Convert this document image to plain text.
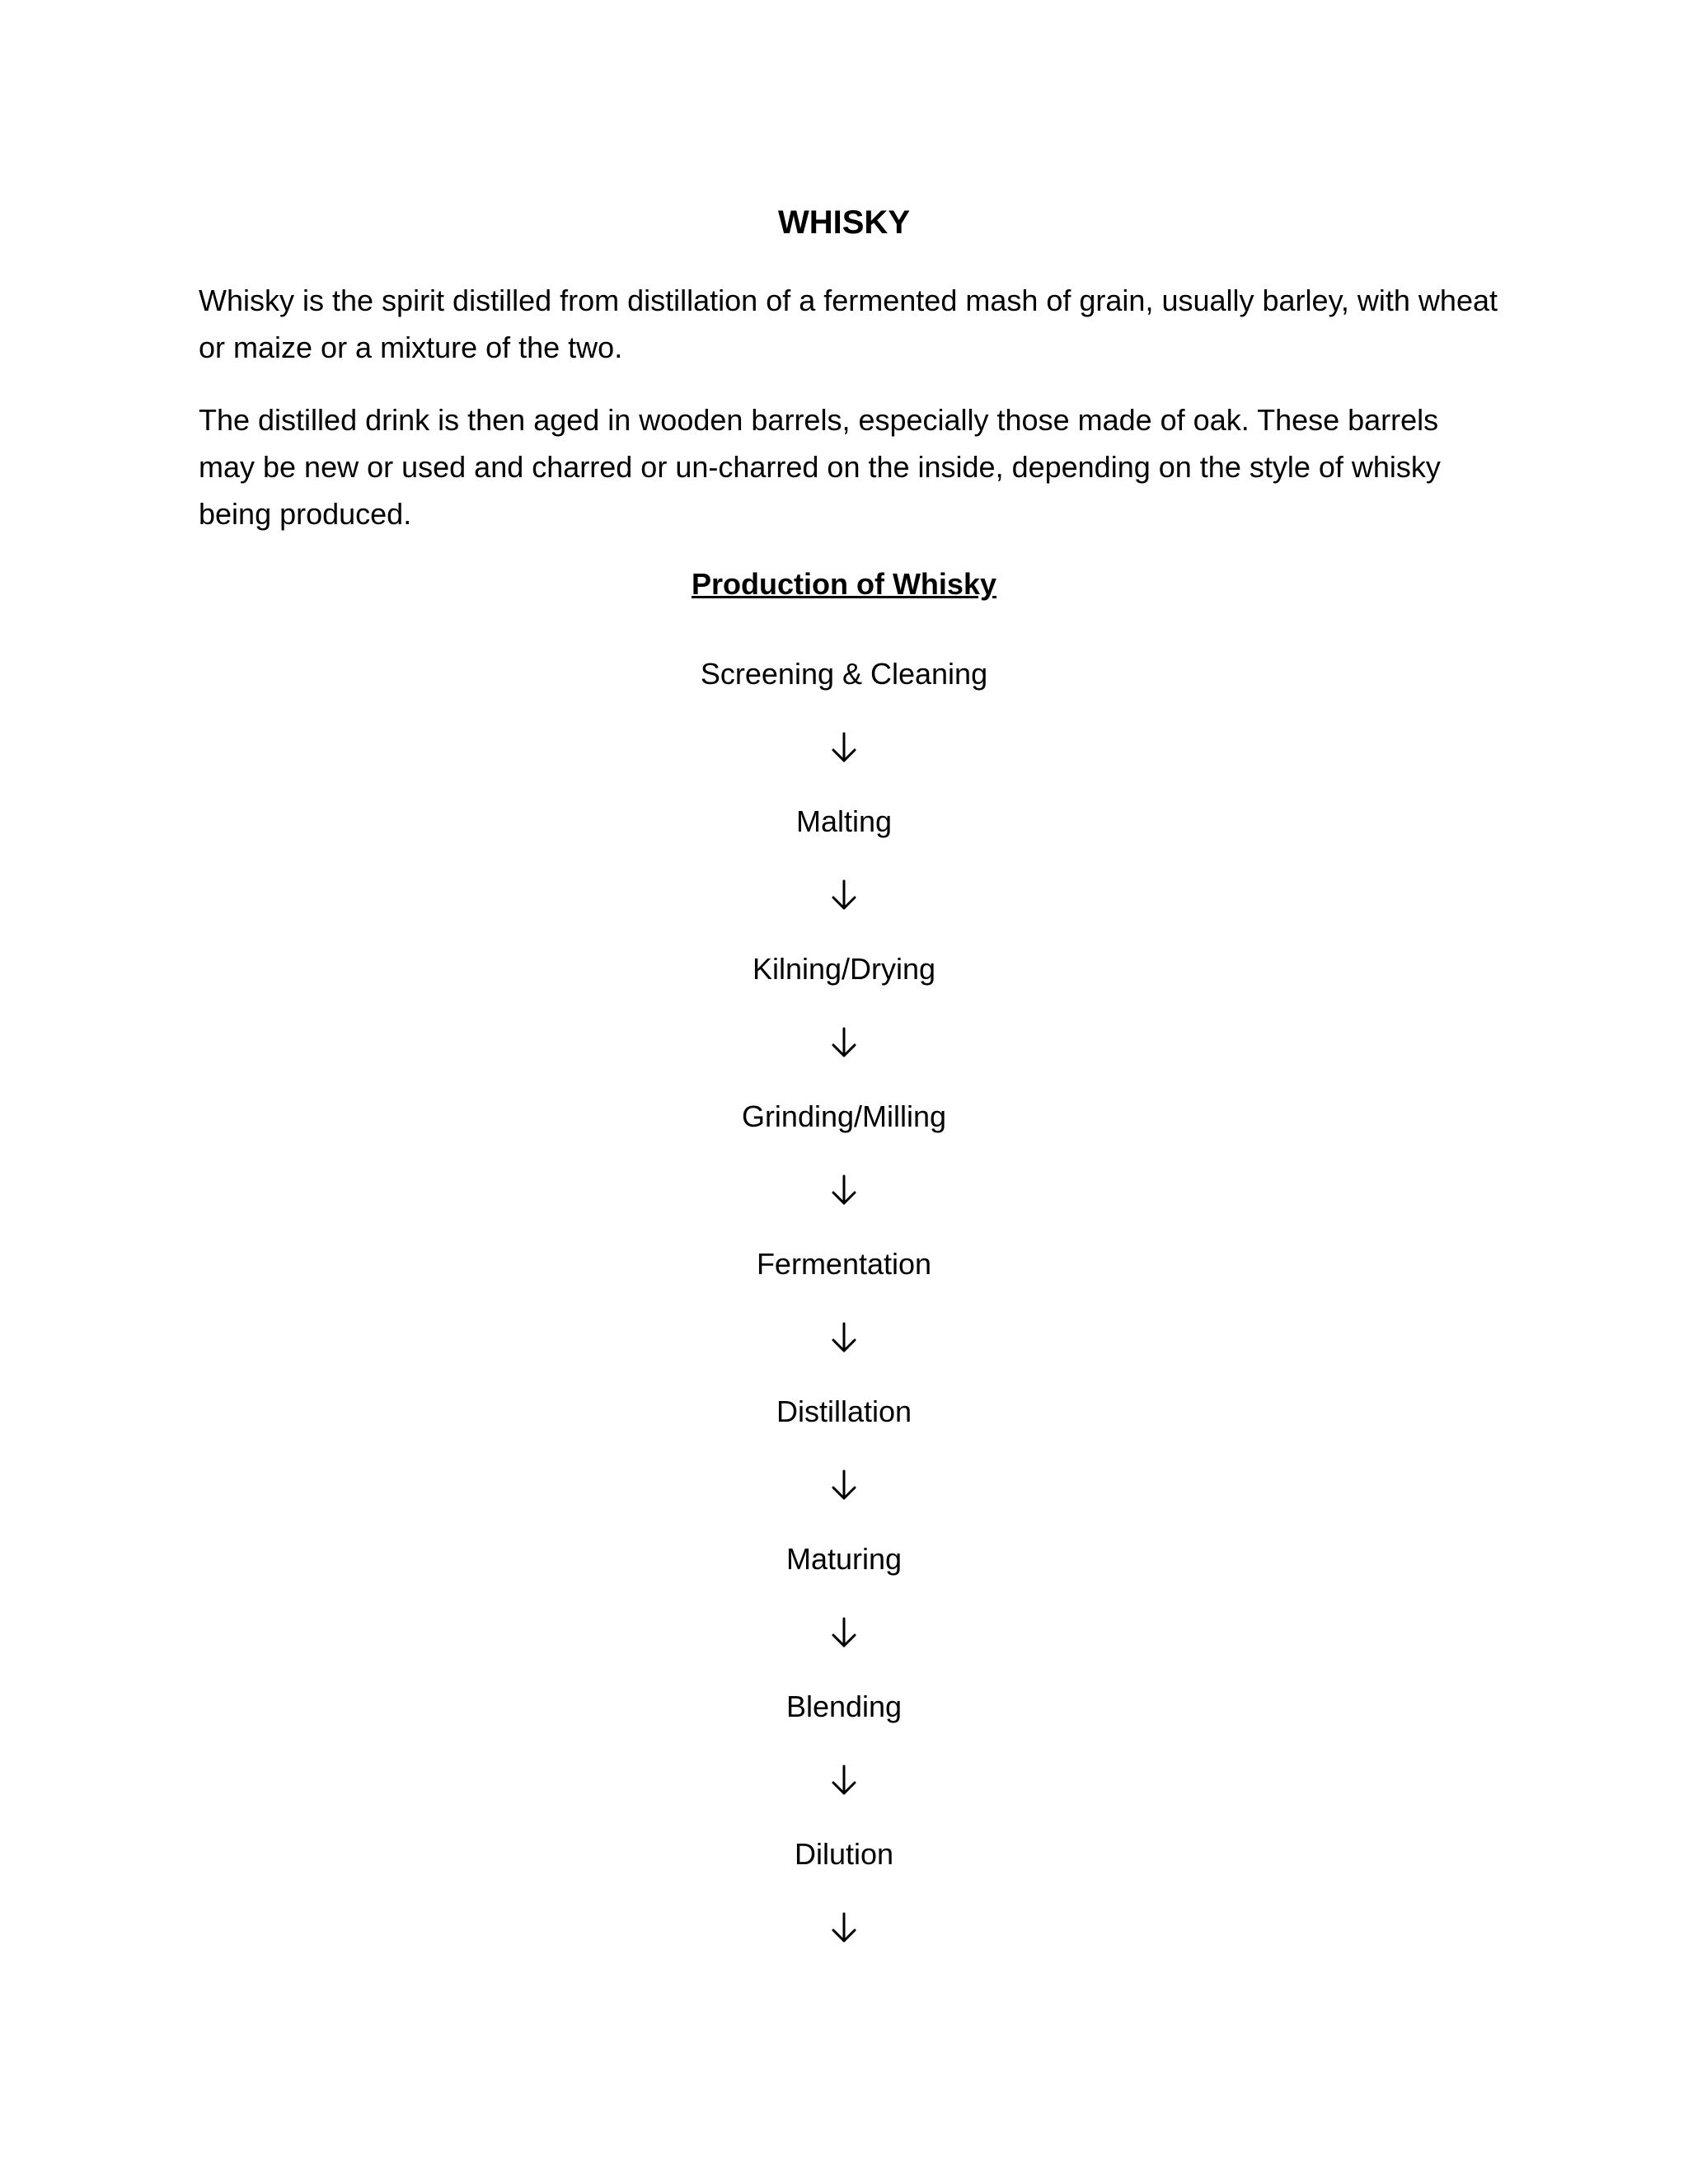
WHISKY

Whisky is the spirit distilled from distillation of a fermented mash of grain, usually barley, with wheat or maize or a mixture of the two.

The distilled drink is then aged in wooden barrels, especially those made of oak. These barrels may be new or used and charred or un-charred on the inside, depending on the style of whisky being produced.

Production of Whisky
Screening & Cleaning
Malting
Kilning/Drying
Grinding/Milling
Fermentation
Distillation
Maturing
Blending
Dilution
